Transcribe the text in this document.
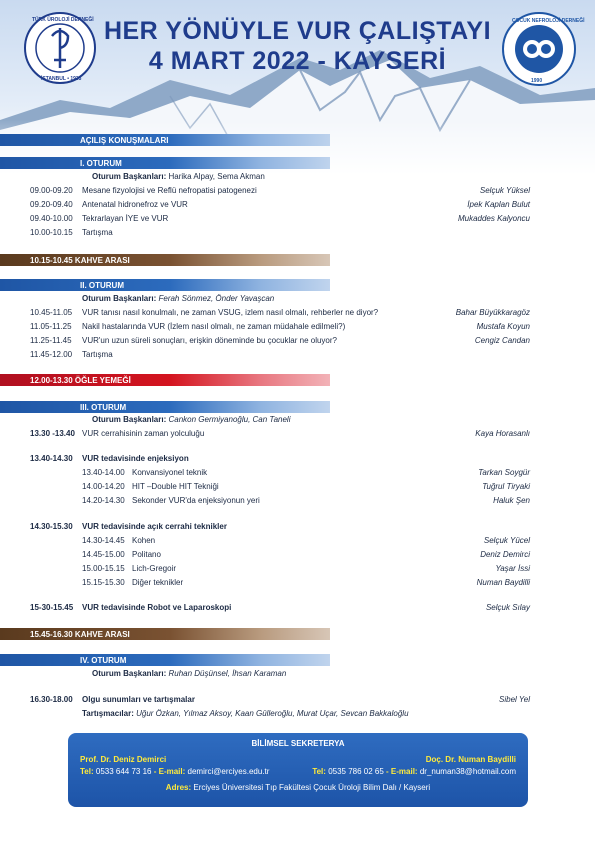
HER YÖNÜYLE VUR ÇALIŞTAYI
4 MART 2022 - KAYSERİ
TÜRK ÜROLOJİ DERNEĞİ
İSTANBUL • 1933
ÇOCUK NEFROLOJİ DERNEĞİ
1990
AÇILIŞ KONUŞMALARI
I. OTURUM
Oturum Başkanları: Harika Alpay, Sema Akman
09.00-09.20 Mesane fizyolojisi ve Reflü nefropatisi patogenezi	Selçuk Yüksel
09.20-09.40 Antenatal hidronefroz ve VUR	İpek Kaplan Bulut
09.40-10.00 Tekrarlayan İYE ve VUR	Mukaddes Kalyoncu
10.00-10.15 Tartışma
10.15-10.45 KAHVE ARASI
II. OTURUM
Oturum Başkanları: Ferah Sönmez, Önder Yavaşcan
10.45-11.05 VUR tanısı nasıl konulmalı, ne zaman VSUG, izlem nasıl olmalı, rehberler ne diyor?	Bahar Büyükkaragöz
11.05-11.25 Nakil hastalarında VUR (İzlem nasıl olmalı, ne zaman müdahale edilmeli?)	Mustafa Koyun
11.25-11.45 VUR'un uzun süreli sonuçları, erişkin döneminde bu çocuklar ne oluyor?	Cengiz Candan
11.45-12.00 Tartışma
12.00-13.30 ÖĞLE YEMEĞİ
III. OTURUM
Oturum Başkanları: Cankon Germiyanoğlu, Can Taneli
13.30 -13.40 VUR cerrahisinin zaman yolculuğu	Kaya Horasanlı
13.40-14.30 VUR tedavisinde enjeksiyon
13.40-14.00 Konvansiyonel teknik	Tarkan Soygür
14.00-14.20 HIT –Double HIT Tekniği	Tuğrul Tiryaki
14.20-14.30 Sekonder VUR'da enjeksiyonun yeri	Haluk Şen
14.30-15.30 VUR tedavisinde açık cerrahi teknikler
14.30-14.45 Kohen	Selçuk Yücel
14.45-15.00 Politano	Deniz Demirci
15.00-15.15 Lich-Gregoir	Yaşar İssi
15.15-15.30 Diğer teknikler	Numan Baydilli
15-30-15.45 VUR tedavisinde Robot ve Laparoskopi	Selçuk Sılay
15.45-16.30 KAHVE ARASI
IV. OTURUM
Oturum Başkanları: Ruhan Düşünsel, İhsan Karaman
16.30-18.00 Olgu sunumları ve tartışmalar	Sibel Yel
Tartışmacılar: Uğur Özkan, Yılmaz Aksoy, Kaan Gülleroğlu, Murat Uçar, Sevcan Bakkaloğlu
BİLİMSEL SEKRETERYA
Prof. Dr. Deniz Demirci	Doç. Dr. Numan Baydilli
Tel: 0533 644 73 16 - E-mail: demirci@erciyes.edu.tr	Tel: 0535 786 02 65 - E-mail: dr_numan38@hotmail.com
Adres: Erciyes Üniversitesi Tıp Fakültesi Çocuk Üroloji Bilim Dalı / Kayseri
